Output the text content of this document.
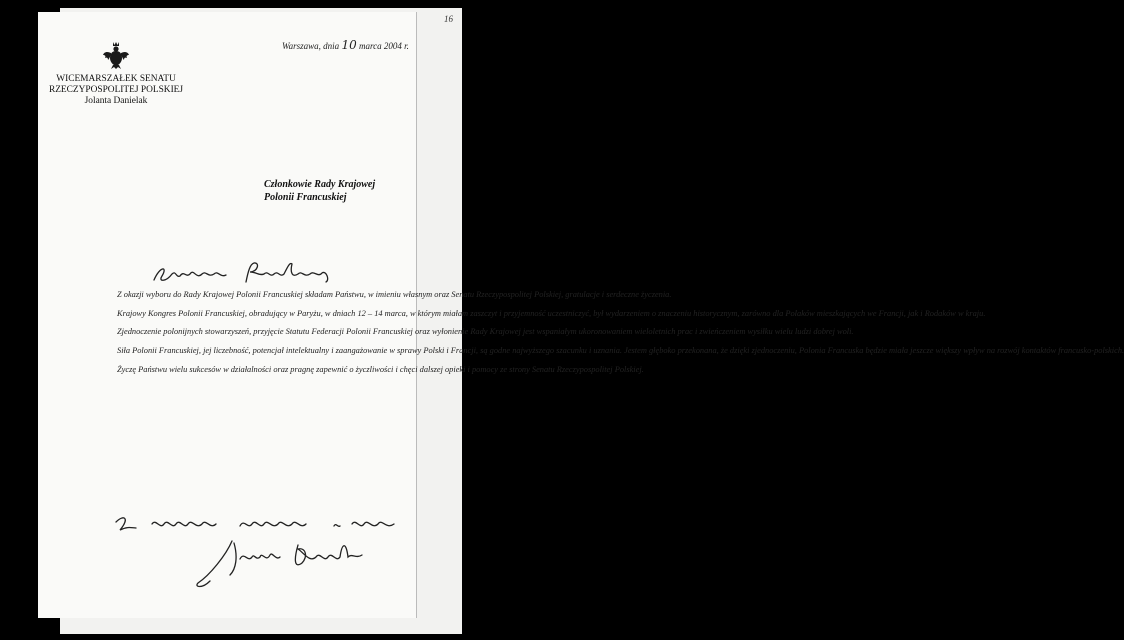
16
WICEMARSZAŁEK SENATU
RZECZYPOSPOLITEJ POLSKIEJ
Jolanta Danielak
Warszawa, dnia 10 marca 2004 r.
Członkowie Rady Krajowej
Polonii Francuskiej

Z okazji wyboru do Rady Krajowej Polonii Francuskiej składam Państwu, w imieniu własnym oraz Senatu Rzeczypospolitej Polskiej, gratulacje i serdeczne życzenia.

Krajowy Kongres Polonii Francuskiej, obradujący w Paryżu, w dniach 12 – 14 marca, w którym miałam zaszczyt i przyjemność uczestniczyć, był wydarzeniem o znaczeniu historycznym, zarówno dla Polaków mieszkających we Francji, jak i Rodaków w kraju.

Zjednoczenie polonijnych stowarzyszeń, przyjęcie Statutu Federacji Polonii Francuskiej oraz wyłonienie Rady Krajowej jest wspaniałym ukoronowaniem wieloletnich prac i zwieńczeniem wysiłku wielu ludzi dobrej woli.

Siła Polonii Francuskiej, jej liczebność, potencjał intelektualny i zaangażowanie w sprawy Polski i Francji, są godne najwyższego szacunku i uznania. Jestem głęboko przekonana, że dzięki zjednoczeniu, Polonia Francuska będzie miała jeszcze większy wpływ na rozwój kontaktów francusko-polskich.

Życzę Państwu wielu sukcesów w działalności oraz pragnę zapewnić o życzliwości i chęci dalszej opieki i pomocy ze strony Senatu Rzeczypospolitej Polskiej.
